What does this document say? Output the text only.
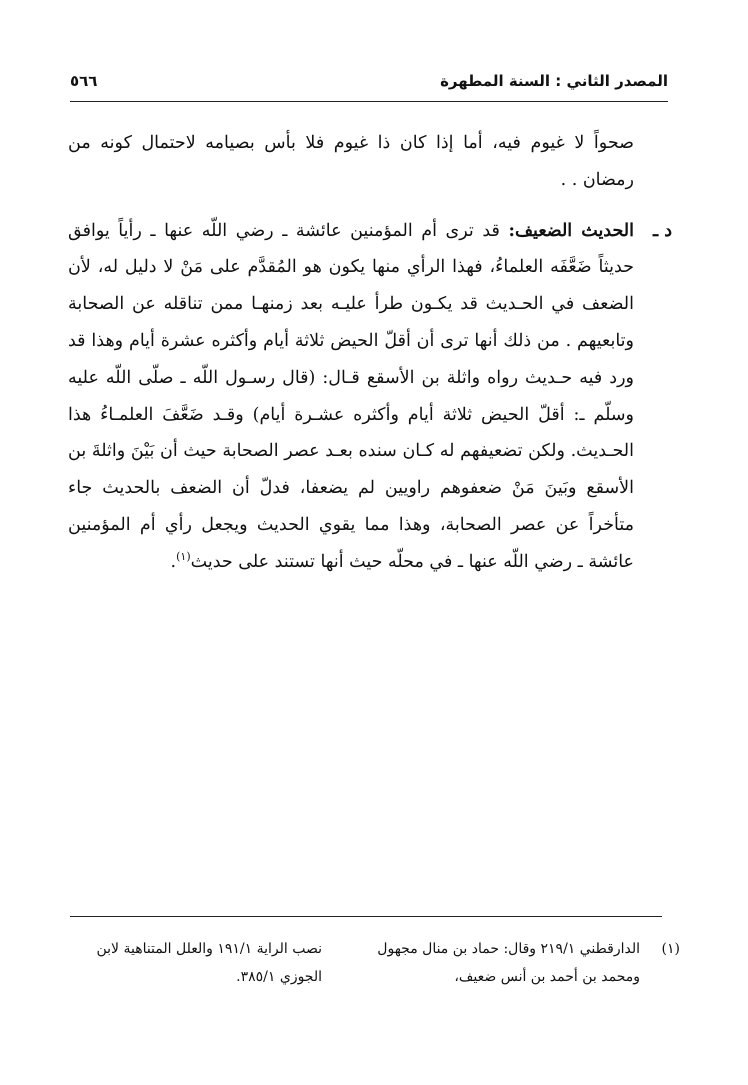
المصدر الثاني : السنة المطهرة
٥٦٦

صحواً لا غيوم فيه، أما إذا كان ذا غيوم فلا بأس بصيامه لاحتمال كونه من رمضان . .

د ـ
الحديث الضعيف: قد ترى أم المؤمنين عائشة ـ رضي اللّه عنها ـ رأياً يوافق حديثاً ضَعَّفَه العلماءُ، فهذا الرأي منها يكون هو المُقدَّم على مَنْ لا دليل له، لأن الضعف في الحـديث قد يكـون طرأ عليـه بعد زمنهـا ممن تناقله عن الصحابة وتابعيهم . من ذلك أنها ترى أن أقلّ الحيض ثلاثة أيام وأكثره عشرة أيام وهذا قد ورد فيه حـديث رواه واثلة بن الأسقع قـال: (قال رسـول اللّه ـ صلّى اللّه عليه وسلّم ـ: أقلّ الحيض ثلاثة أيام وأكثره عشـرة أيام) وقـد ضَعَّفَ العلمـاءُ هذا الحـديث. ولكن تضعيفهم له كـان سنده بعـد عصر الصحابة حيث أن بَيْنَ واثلةَ بن الأسقع وبَينَ مَنْ ضعفوهم راويين لم يضعفا، فدلّ أن الضعف بالحديث جاء متأخراً عن عصر الصحابة، وهذا مما يقوي الحديث ويجعل رأي أم المؤمنين عائشة ـ رضي اللّه عنها ـ في محلّه حيث أنها تستند على حديث$^{(١)}$.

(١)
الدارقطني ٢١٩/١ وقال: حماد بن منال مجهول ومحمد بن أحمد بن أنس ضعيف،
نصب الراية ١٩١/١ والعلل المتناهية لابن الجوزي ٣٨٥/١.
